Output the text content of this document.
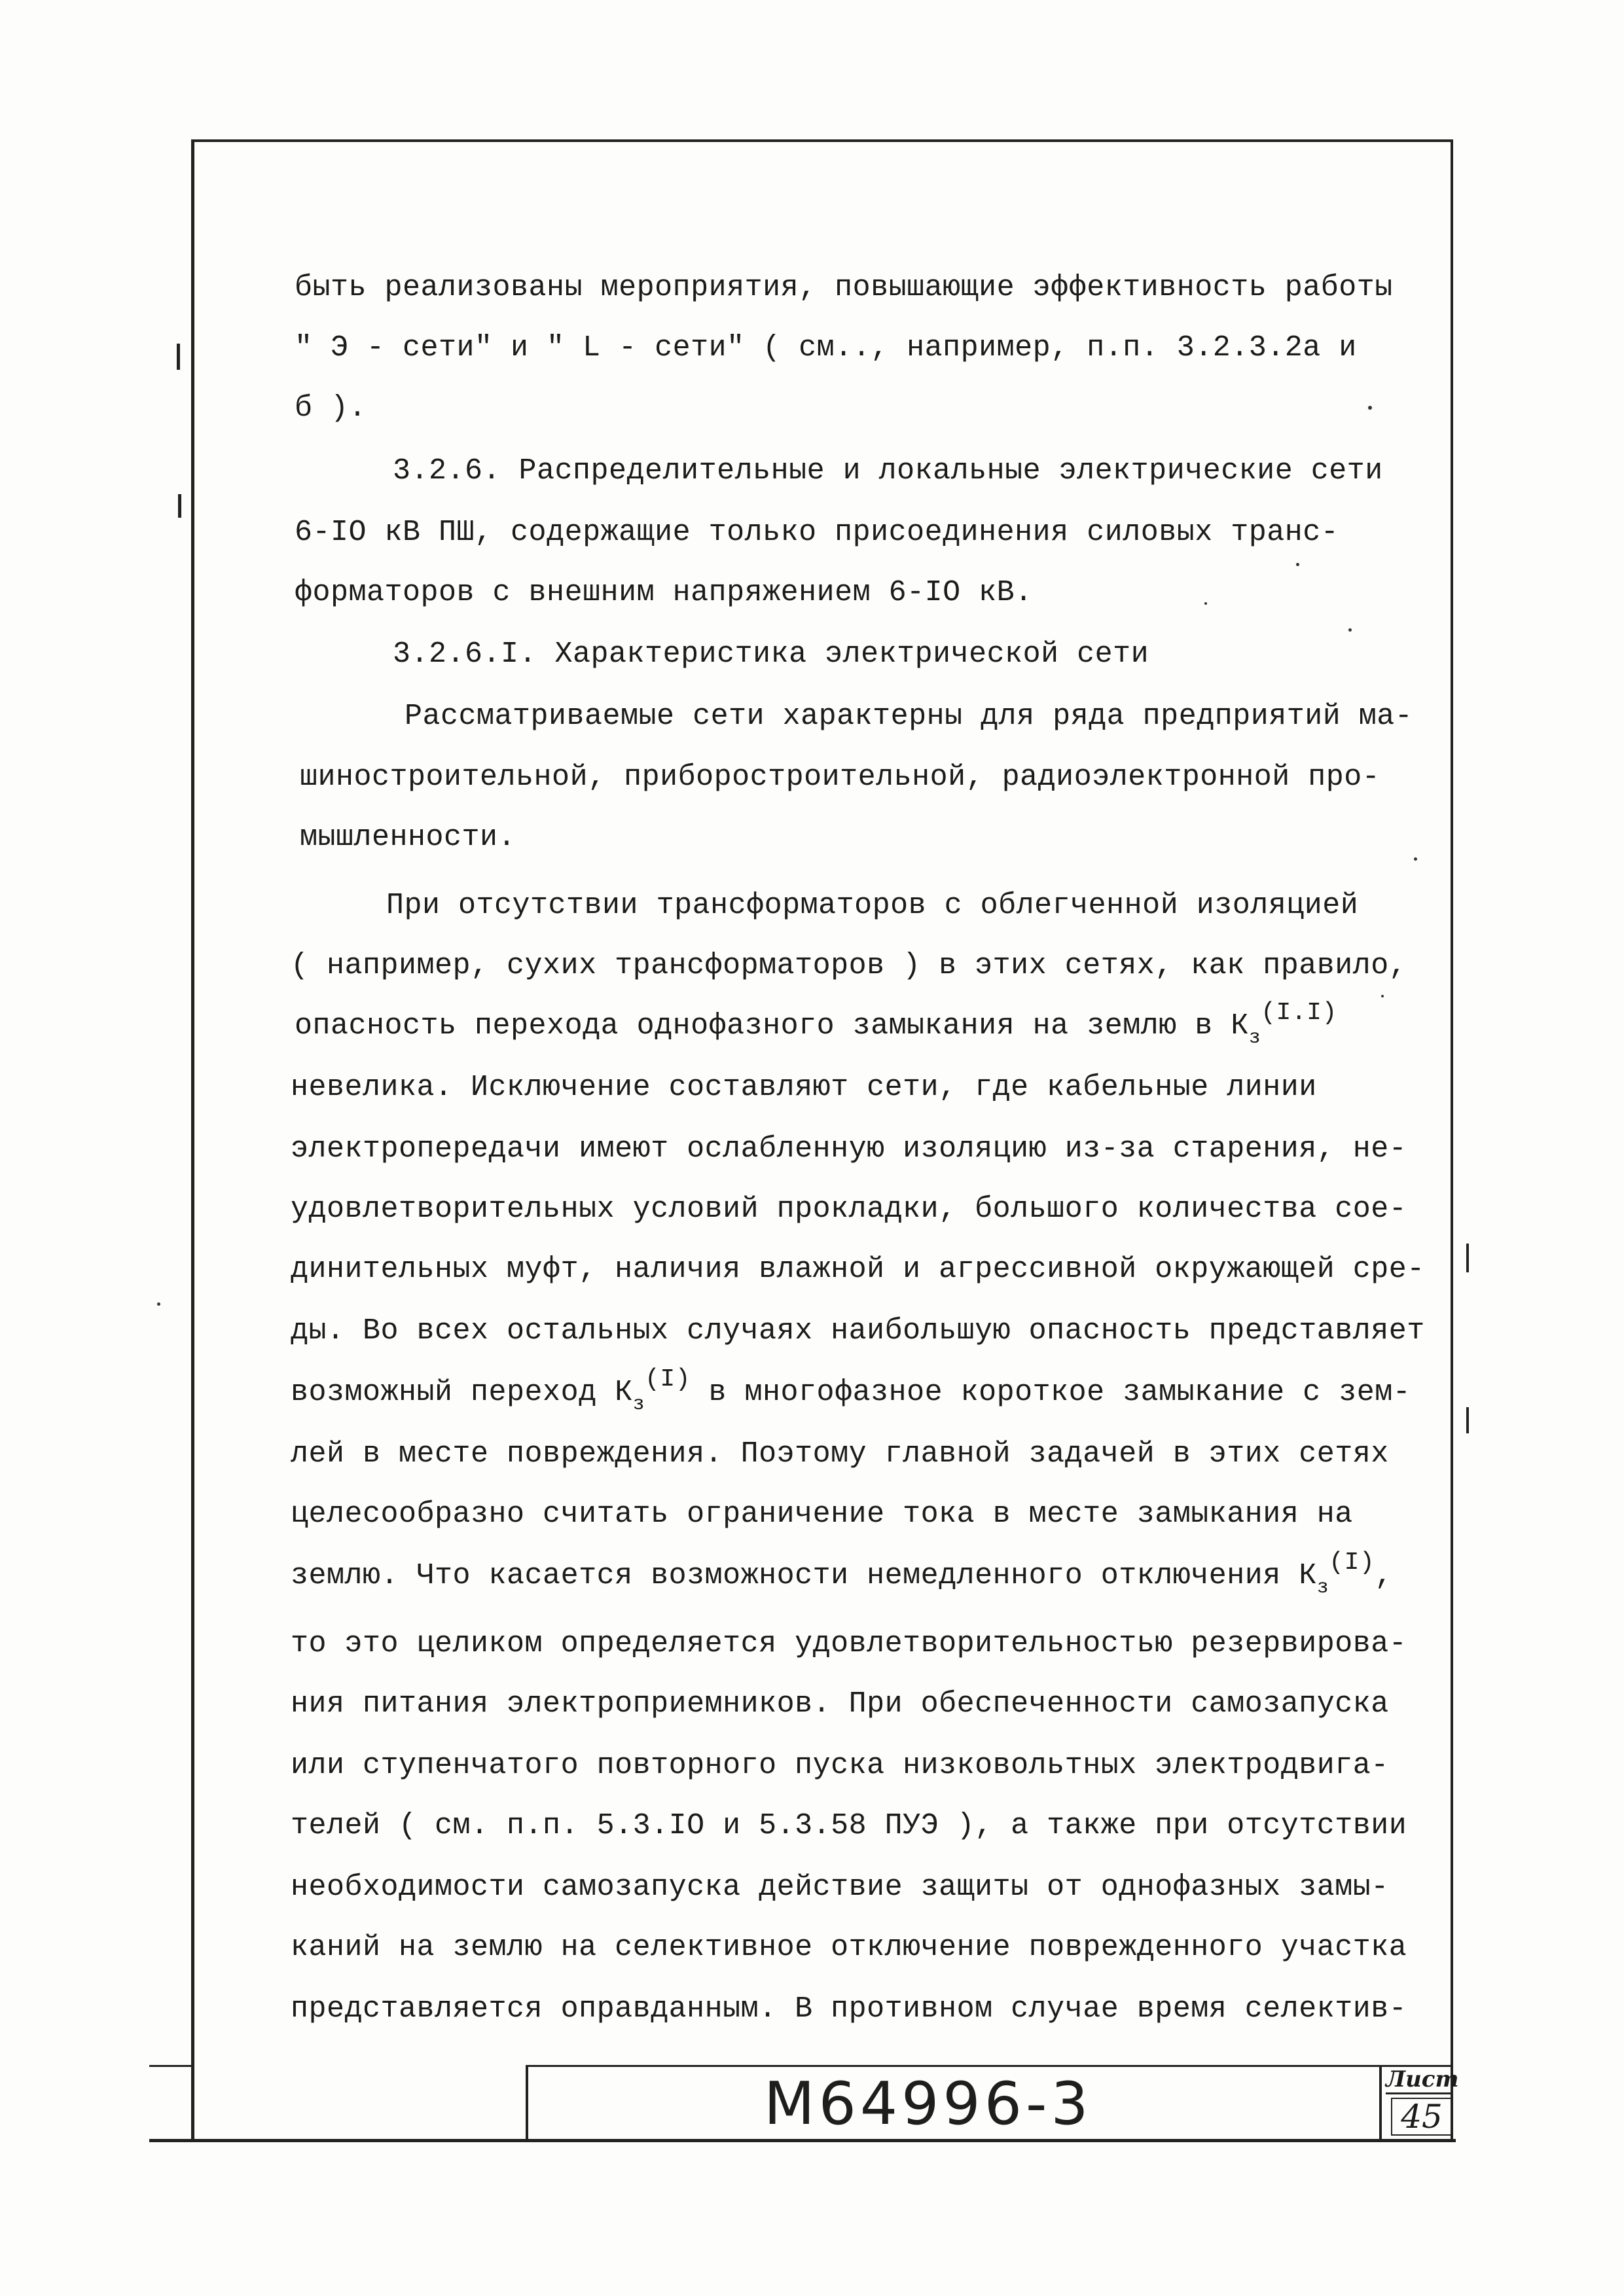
быть реализованы мероприятия, повышающие эффективность работы
" Э - сети" и " L - сети" ( см.., например, п.п. 3.2.3.2а и
б ).
3.2.6. Распределительные и локальные электрические сети
6-IO кВ ПШ, содержащие только присоединения силовых транс-
форматоров с внешним напряжением 6-IO кВ.
3.2.6.I. Характеристика электрической сети
Рассматриваемые сети характерны для ряда предприятий ма-
шиностроительной, приборостроительной, радиоэлектронной про-
мышленности.
При отсутствии трансформаторов с облегченной изоляцией
( например, сухих трансформаторов ) в этих сетях, как правило,
опасность перехода однофазного замыкания на землю в $К_з^{(I.I)}$
невелика. Исключение составляют сети, где кабельные линии
электропередачи имеют ослабленную изоляцию из-за старения, не-
удовлетворительных условий прокладки, большого количества сое-
динительных муфт, наличия влажной и агрессивной окружающей сре-
ды. Во всех остальных случаях наибольшую опасность представляет
возможный переход $К_з^{(I)}$ в многофазное короткое замыкание с зем-
лей в месте повреждения. Поэтому главной задачей в этих сетях
целесообразно считать ограничение тока в месте замыкания на
землю. Что касается возможности немедленного отключения $К_з^{(I)}$,
то это целиком определяется удовлетворительностью резервирова-
ния питания электроприемников. При обеспеченности самозапуска
или ступенчатого повторного пуска низковольтных электродвига-
телей ( см. п.п. 5.3.IO и 5.3.58 ПУЭ ), а также при отсутствии
необходимости самозапуска действие защиты от однофазных замы-
каний на землю на селективное отключение поврежденного участка
представляется оправданным. В противном случае время селектив-
М64996-3	Лист
45
